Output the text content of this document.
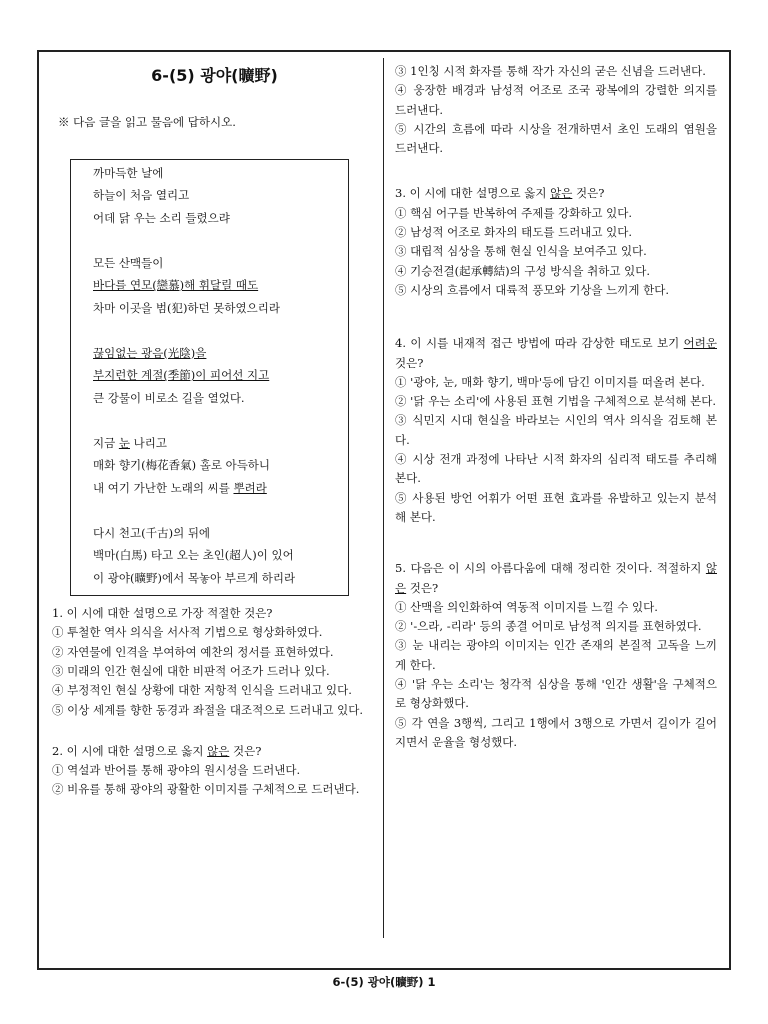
6-(5) 광야(曠野)
※ 다음 글을 읽고 물음에 답하시오.
까마득한 날에
하늘이 처음 열리고
어데 닭 우는 소리 들렸으랴
모든 산맥들이
바다를 연모(戀慕)해 휘달릴 때도
차마 이곳을 범(犯)하던 못하였으리라
끊임없는 광음(光陰)을
부지런한 계절(季節)이 피어선 지고
큰 강물이 비로소 길을 열었다.
지금 눈 나리고
매화 향기(梅花香氣) 홀로 아득하니
내 여기 가난한 노래의 씨를 뿌려라
다시 천고(千古)의 뒤에
백마(白馬) 타고 오는 초인(超人)이 있어
이 광야(曠野)에서 목놓아 부르게 하리라
1. 이 시에 대한 설명으로 가장 적절한 것은?
① 투철한 역사 의식을 서사적 기법으로 형상화하였다.
② 자연물에 인격을 부여하여 예찬의 정서를 표현하였다.
③ 미래의 인간 현실에 대한 비판적 어조가 드러나 있다.
④ 부정적인 현실 상황에 대한 저항적 인식을 드러내고 있다.
⑤ 이상 세계를 향한 동경과 좌절을 대조적으로 드러내고 있다.
2. 이 시에 대한 설명으로 옳지 않은 것은?
① 역설과 반어를 통해 광야의 원시성을 드러낸다.
② 비유를 통해 광야의 광활한 이미지를 구체적으로 드러낸다.
③ 1인칭 시적 화자를 통해 작가 자신의 굳은 신념을 드러낸다.
④ 웅장한 배경과 남성적 어조로 조국 광복에의 강렬한 의지를 드러낸다.
⑤ 시간의 흐름에 따라 시상을 전개하면서 초인 도래의 염원을 드러낸다.
3. 이 시에 대한 설명으로 옳지 않은 것은?
① 핵심 어구를 반복하여 주제를 강화하고 있다.
② 남성적 어조로 화자의 태도를 드러내고 있다.
③ 대립적 심상을 통해 현실 인식을 보여주고 있다.
④ 기승전결(起承轉結)의 구성 방식을 취하고 있다.
⑤ 시상의 흐름에서 대륙적 풍모와 기상을 느끼게 한다.
4. 이 시를 내재적 접근 방법에 따라 감상한 태도로 보기 어려운 것은?
① '광야, 눈, 매화 향기, 백마'등에 담긴 이미지를 떠올려 본다.
② '닭 우는 소리'에 사용된 표현 기법을 구체적으로 분석해 본다.
③ 식민지 시대 현실을 바라보는 시인의 역사 의식을 검토해 본다.
④ 시상 전개 과정에 나타난 시적 화자의 심리적 태도를 추리해 본다.
⑤ 사용된 방언 어휘가 어떤 표현 효과를 유발하고 있는지 분석해 본다.
5. 다음은 이 시의 아름다움에 대해 정리한 것이다. 적절하지 않은 것은?
① 산맥을 의인화하여 역동적 이미지를 느낄 수 있다.
② '-으라, -리라' 등의 종결 어미로 남성적 의지를 표현하였다.
③ 눈 내리는 광야의 이미지는 인간 존재의 본질적 고독을 느끼게 한다.
④ '닭 우는 소리'는 청각적 심상을 통해 '인간 생활'을 구체적으로 형상화했다.
⑤ 각 연을 3행씩, 그리고 1행에서 3행으로 가면서 길이가 길어지면서 운율을 형성했다.
6-(5) 광야(曠野) 1
